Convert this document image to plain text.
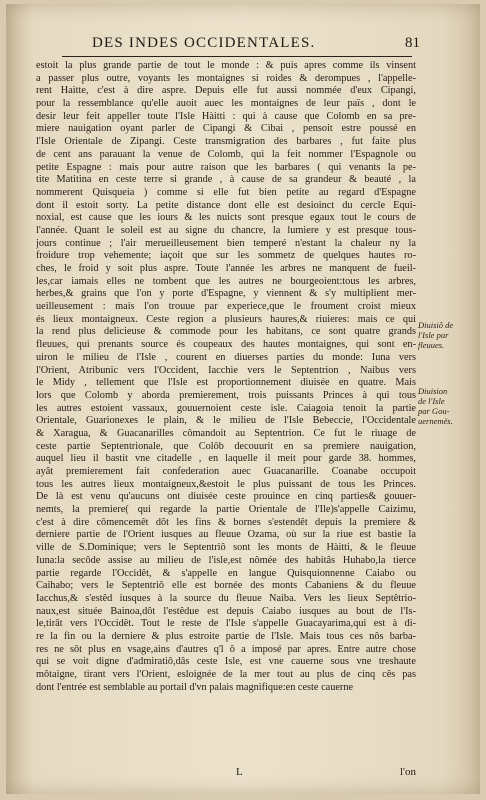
DES INDES OCCIDENTALES.	81
estoit la plus grande partie de tout le monde : & puis apres comme ils vinsent
a passer plus outre, voyants les montaignes si roides & derompues , l'appelle-
rent Haitte, c'est à dire aspre. Depuis elle fut aussi nommée d'eux Cipangi,
pour la ressemblance qu'elle auoit auec les montaignes de leur païs , dont le
desir leur feit appeller toute l'Isle Hàitti : qui à cause que Colomb en sa pre-
miere nauigation oyant parler de Cipangi & Cibai , pensoit estre poussé en
l'Isle Orientale de Zipangi. Ceste transmigration des barbares , fut faite plus
de cent ans parauant la venue de Colomb, qui la feit nommer l'Espagnole ou
petite Espagne : mais pour autre raison que les barbares ( qui venants la pe-
tite Matitina en ceste terre si grande , à cause de sa grandeur & beauté , la
nommerent Quisqueia ) comme si elle fut bien petite au regard d'Espagne
dont il estoit sorty. La petite distance dont elle est desioinct du cercle Equi-
noxial, est cause que les iours & les nuicts sont presque egaux tout le cours de
l'année. Quant le soleil est au signe du chancre, la lumiere y est presque tous-
jours continue ; l'air merueilleusement bien temperé n'estant la chaleur ny la
froidure trop vehemente; iaçoit que sur les sommetz de quelques hautes ro-
ches, le froid y soit plus aspre. Toute l'année les arbres ne manquent de fueil-
les,car iamais elles ne tombent que les autres ne bourgeoient:tous les arbres,
herbes,& grains que l'on y porte d'Espagne, y viennent & s'y multiplient mer-
ueilleusement : mais l'on trouue par experiece,que le froument croist mieux
és lieux montaigneux. Ceste region a plusieurs haures,& riuieres: mais ce qui
la rend plus delicieuse & commode pour les habitans, ce sont quatre grands
fleuues, qui prenants source és coupeaux des hautes montaignes, qui sont en-
uiron le milieu de l'Isle , courent en diuerses parties du monde: Iuna vers
l'Orient, Atribunic vers l'Occident, Iacchie vers le Septentrion , Naibus vers
le Midy , tellement que l'Isle est proportionnement diuisée en quatre. Mais
lors que Colomb y aborda premierement, trois puissants Princes à qui tous
les autres estoient vassaux, gouuernoient ceste isle. Caiagoia tenoit la partie
Orientale, Guarionexes le plain, & le milieu de l'Isle Bebeccie, l'Occidentale
& Xaragua, & Guacanarilles cômandoit au Septentrion. Ce fut le riuage de
ceste partie Septentrionale, que Colôb decouurit en sa premiere nauigation,
auquel lieu il bastit vne citadelle , en laquelle il meit pour garde 38. hommes,
ayât premierement fait confederation auec Guacanarille. Coanabe occupoit
tous les autres lieux montaigneux,&estoit le plus puissant de tous les Princes.
De là est venu qu'aucuns ont diuisée ceste prouince en cinq parties& gouuer-
nemts, la premiere( qui regarde la partie Orientale de l'Ile)s'appelle Caizimu,
c'est à dire cômencemêt dôt les fins & bornes s'estendêt depuis la premiere &
derniere partie de l'Orient iusques au fleuue Ozama, où sur la riue est bastie la
ville de S.Dominique; vers le Septentriô sont les monts de Hàitti, & le fleuue
Iuna:la secôde assise au milieu de l'isle,est nômée des habitâs Huhabo,la tierce
partie regarde l'Occidêt, & s'appelle en langue Quisquionnenne Caiabo ou
Caihabo; vers le Septentriô elle est bornée des monts Cabaniens & du fleuue
Iacchus,& s'estêd iusques à la source du fleuue Naiba. Vers les lieux Septêtrio-
naux,est située Bainoa,dôt l'estêdue est depuis Caiabo iusques au bout de l'Is-
le,tirât vers l'Occidêt. Tout le reste de l'Isle s'appelle Guacayarima,qui est à di-
re la fin ou la derniere & plus estroite partie de l'Isle. Mais tous ces nôs barba-
res ne sôt plus en vsage,ains d'autres q'l ô a imposé par apres. Entre autre chose
qui se voit digne d'admiratiô,dâs ceste Isle, est vne cauerne sous vne treshaute
môtaigne, tirant vers l'Orient, esloignée de la mer tout au plus de cinq cês pas
dont l'entrée est semblable au portail d'vn palais magnifique:en ceste cauerne
Diuisiô de
l'Isle par
fleuues.
Diuision
de l'Isle
par Gou-
uernemës.
L	l'on
